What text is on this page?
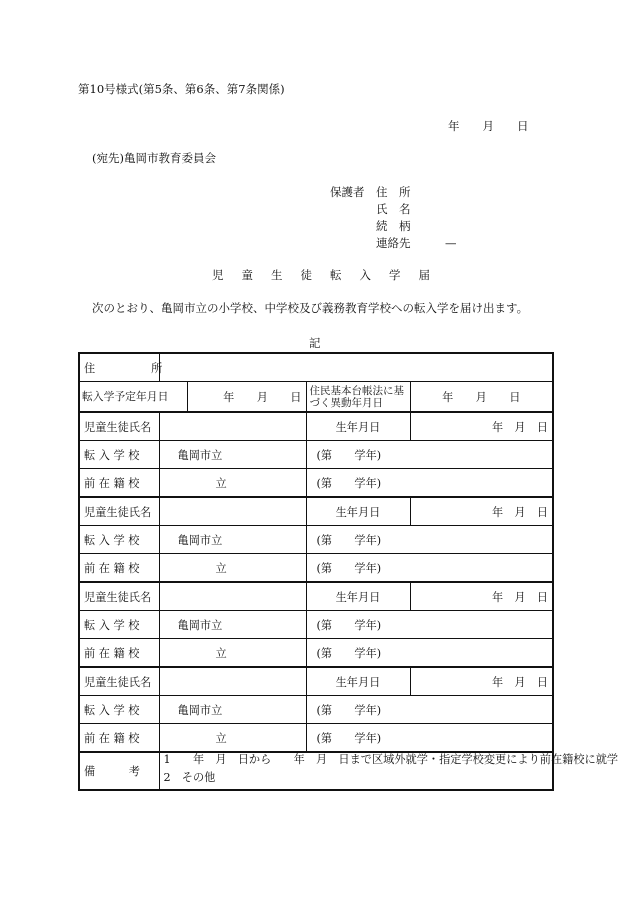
第10号様式(第5条、第6条、第7条関係)
年　　月　　日
(宛先)亀岡市教育委員会
保護者 住　所
氏　名
続　柄
連絡先	—
児童生徒転入学届
次のとおり、亀岡市立の小学校、中学校及び義務教育学校への転入学を届け出ます。
記
住　　　　　所				
転入学予定年月日		年　　月　　日	住民基本台帳法に基づく異動年月日	年　　月　　日
児童生徒氏名			生年月日	年　月　日
転 入 学 校	亀岡市立		(第　　学年)	
前 在 籍 校	立		(第　　学年)	
児童生徒氏名			生年月日	年　月　日
転 入 学 校	亀岡市立		(第　　学年)	
前 在 籍 校	立		(第　　学年)	
児童生徒氏名			生年月日	年　月　日
転 入 学 校	亀岡市立		(第　　学年)	
前 在 籍 校	立		(第　　学年)	
児童生徒氏名			生年月日	年　月　日
転 入 学 校	亀岡市立		(第　　学年)	
前 在 籍 校	立		(第　　学年)	
備　　　考	1　　年　月　日から　　年　月　日まで区域外就学・指定学校変更により前在籍校に就学
2　その他			
